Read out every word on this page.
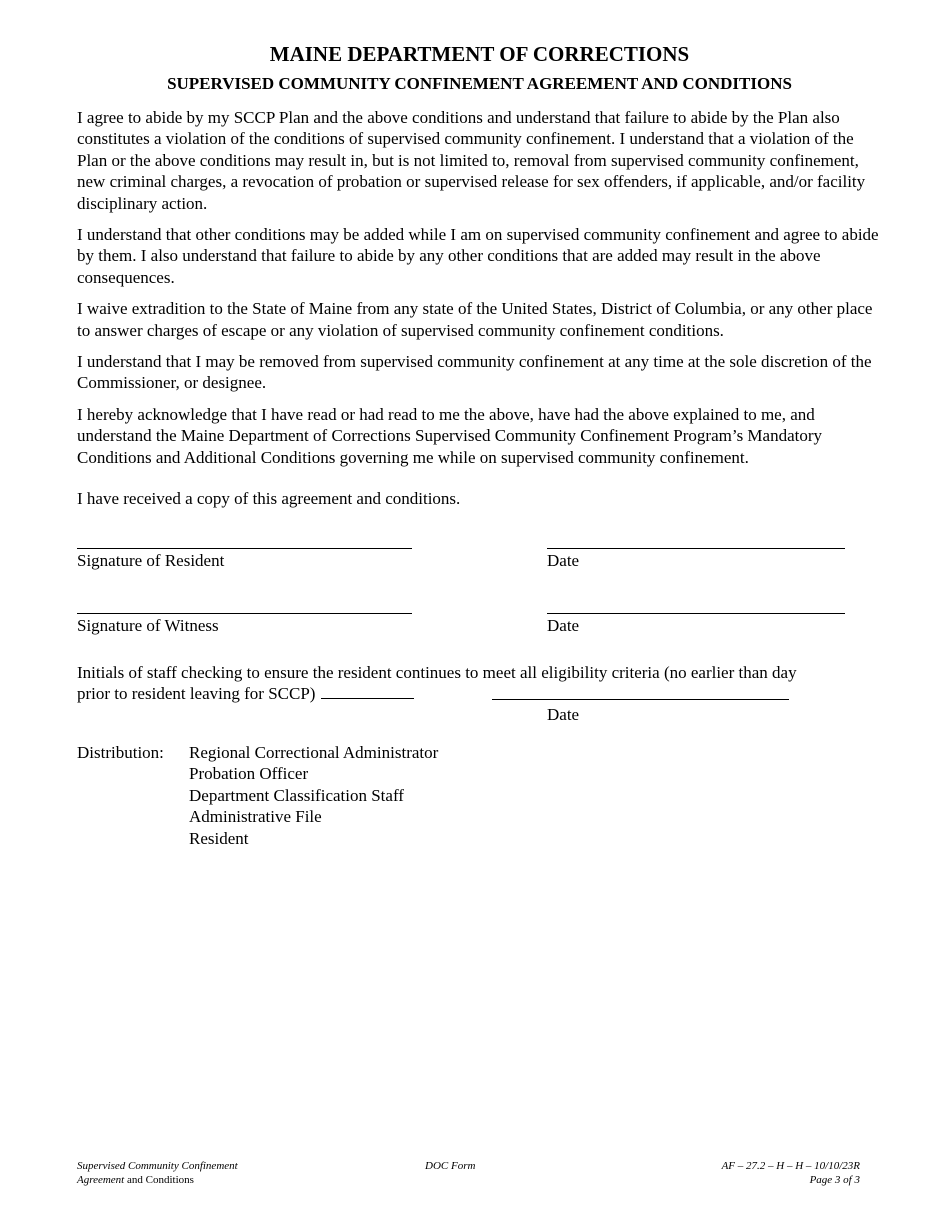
MAINE DEPARTMENT OF CORRECTIONS
SUPERVISED COMMUNITY CONFINEMENT AGREEMENT AND CONDITIONS

I agree to abide by my SCCP Plan and the above conditions and understand that failure to abide by the Plan also constitutes a violation of the conditions of supervised community confinement. I understand that a violation of the Plan or the above conditions may result in, but is not limited to, removal from supervised community confinement, new criminal charges, a revocation of probation or supervised release for sex offenders, if applicable, and/or facility disciplinary action.

I understand that other conditions may be added while I am on supervised community confinement and agree to abide by them. I also understand that failure to abide by any other conditions that are added may result in the above consequences.

I waive extradition to the State of Maine from any state of the United States, District of Columbia, or any other place to answer charges of escape or any violation of supervised community confinement conditions.

I understand that I may be removed from supervised community confinement at any time at the sole discretion of the Commissioner, or designee.

I hereby acknowledge that I have read or had read to me the above, have had the above explained to me, and understand the Maine Department of Corrections Supervised Community Confinement Program’s Mandatory Conditions and Additional Conditions governing me while on supervised community confinement.

I have received a copy of this agreement and conditions.

Signature of Resident	Date
Signature of Witness	Date
Initials of staff checking to ensure the resident continues to meet all eligibility criteria (no earlier than day
prior to resident leaving for SCCP)
Date
Distribution: Regional Correctional Administrator
Probation Officer
Department Classification Staff
Administrative File
Resident
Supervised Community Confinement
Agreement and Conditions
DOC Form	AF – 27.2 – H – H – 10/10/23R
Page 3 of 3
